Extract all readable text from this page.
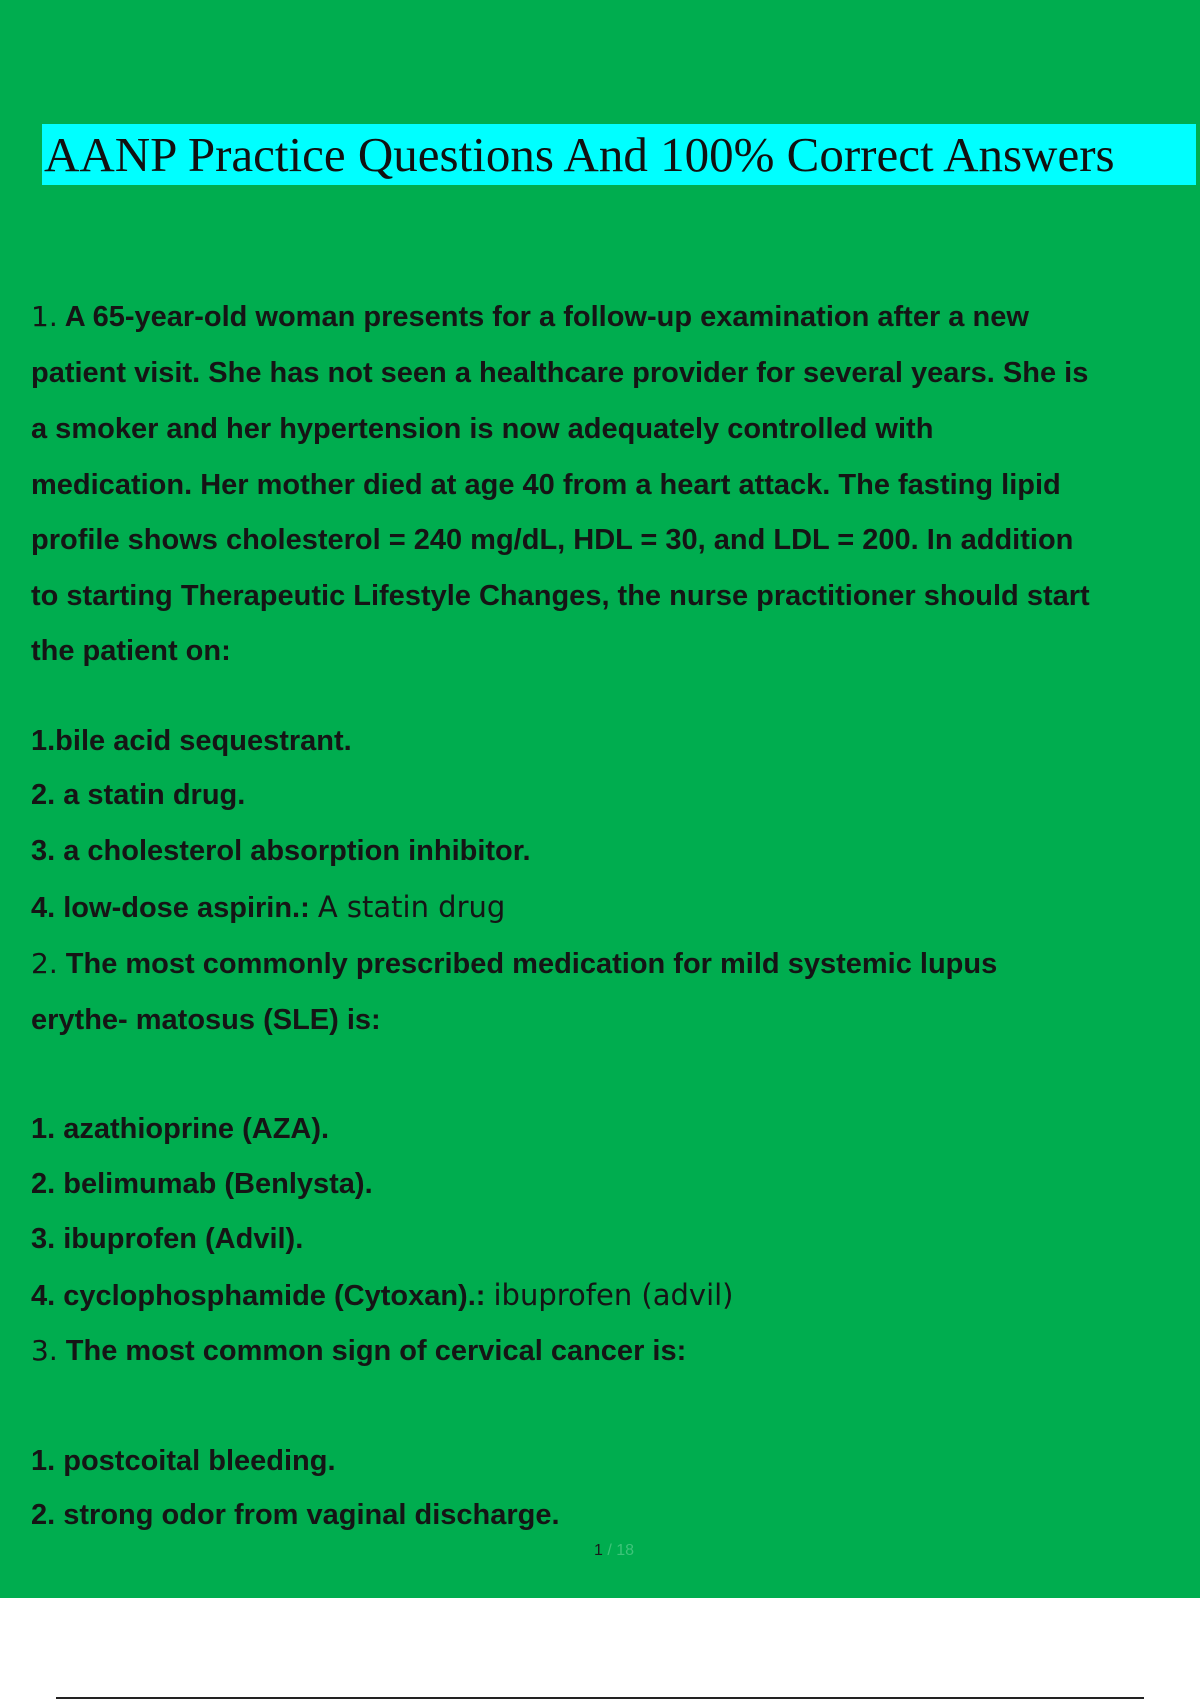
AANP Practice Questions And 100% Correct Answers
1. A 65-year-old woman presents for a follow-up examination after a new
patient visit. She has not seen a healthcare provider for several years. She is
a smoker and her hypertension is now adequately controlled with
medication. Her mother died at age 40 from a heart attack. The fasting lipid
profile shows cholesterol = 240 mg/dL, HDL = 30, and LDL = 200. In addition
to starting Therapeutic Lifestyle Changes, the nurse practitioner should start
the patient on:
1.bile acid sequestrant.
2. a statin drug.
3. a cholesterol absorption inhibitor.
4. low-dose aspirin.: A statin drug
2. The most commonly prescribed medication for mild systemic lupus
erythe- matosus (SLE) is:
1. azathioprine (AZA).
2. belimumab (Benlysta).
3. ibuprofen (Advil).
4. cyclophosphamide (Cytoxan).: ibuprofen (advil)
3. The most common sign of cervical cancer is:
1. postcoital bleeding.
2. strong odor from vaginal discharge.
1 / 18
